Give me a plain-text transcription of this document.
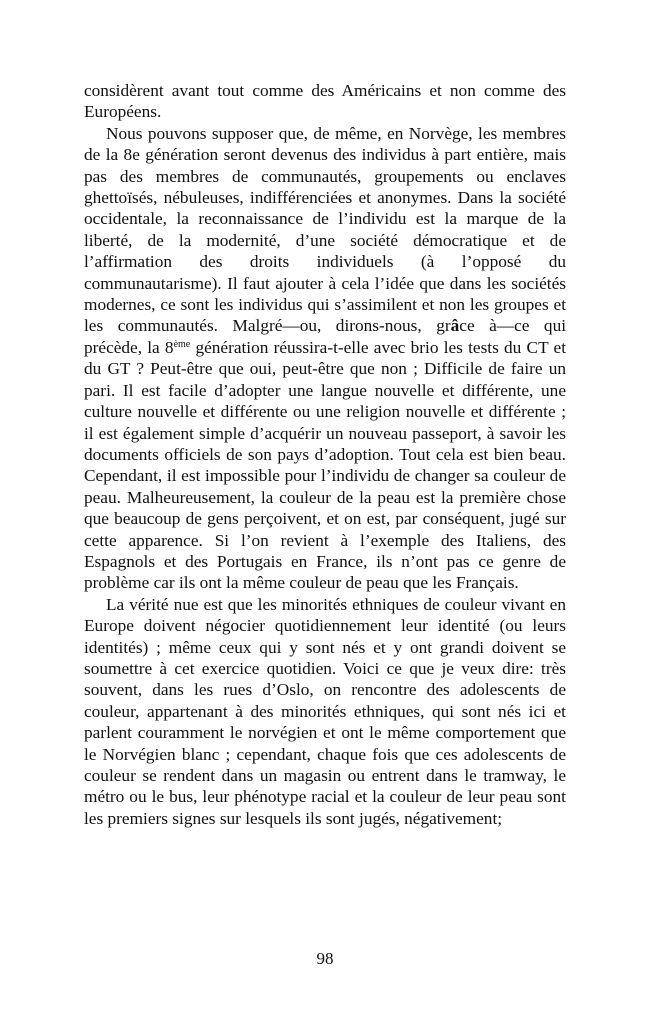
considèrent avant tout comme des Américains et non comme des Européens.

Nous pouvons supposer que, de même, en Norvège, les membres de la 8e génération seront devenus des individus à part entière, mais pas des membres de communautés, groupements ou enclaves ghettoïsés, nébuleuses, indifférenciées et anonymes. Dans la société occidentale, la reconnaissance de l’individu est la marque de la liberté, de la modernité, d’une société démocratique et de l’affirmation des droits individuels (à l’opposé du communautarisme). Il faut ajouter à cela l’idée que dans les sociétés modernes, ce sont les individus qui s’assimilent et non les groupes et les communautés. Malgré—ou, dirons-nous, grâce à—ce qui précède, la 8ème génération réussira-t-elle avec brio les tests du CT et du GT ? Peut-être que oui, peut-être que non ; Difficile de faire un pari. Il est facile d’adopter une langue nouvelle et différente, une culture nouvelle et différente ou une religion nouvelle et différente ; il est également simple d’acquérir un nouveau passeport, à savoir les documents officiels de son pays d’adoption. Tout cela est bien beau. Cependant, il est impossible pour l’individu de changer sa couleur de peau. Malheureusement, la couleur de la peau est la première chose que beaucoup de gens perçoivent, et on est, par conséquent, jugé sur cette apparence. Si l’on revient à l’exemple des Italiens, des Espagnols et des Portugais en France, ils n’ont pas ce genre de problème car ils ont la même couleur de peau que les Français.

La vérité nue est que les minorités ethniques de couleur vivant en Europe doivent négocier quotidiennement leur identité (ou leurs identités) ; même ceux qui y sont nés et y ont grandi doivent se soumettre à cet exercice quotidien. Voici ce que je veux dire: très souvent, dans les rues d’Oslo, on rencontre des adolescents de couleur, appartenant à des minorités ethniques, qui sont nés ici et parlent couramment le norvégien et ont le même comportement que le Norvégien blanc ; cependant, chaque fois que ces adolescents de couleur se rendent dans un magasin ou entrent dans le tramway, le métro ou le bus, leur phénotype racial et la couleur de leur peau sont les premiers signes sur lesquels ils sont jugés, négativement;

98
